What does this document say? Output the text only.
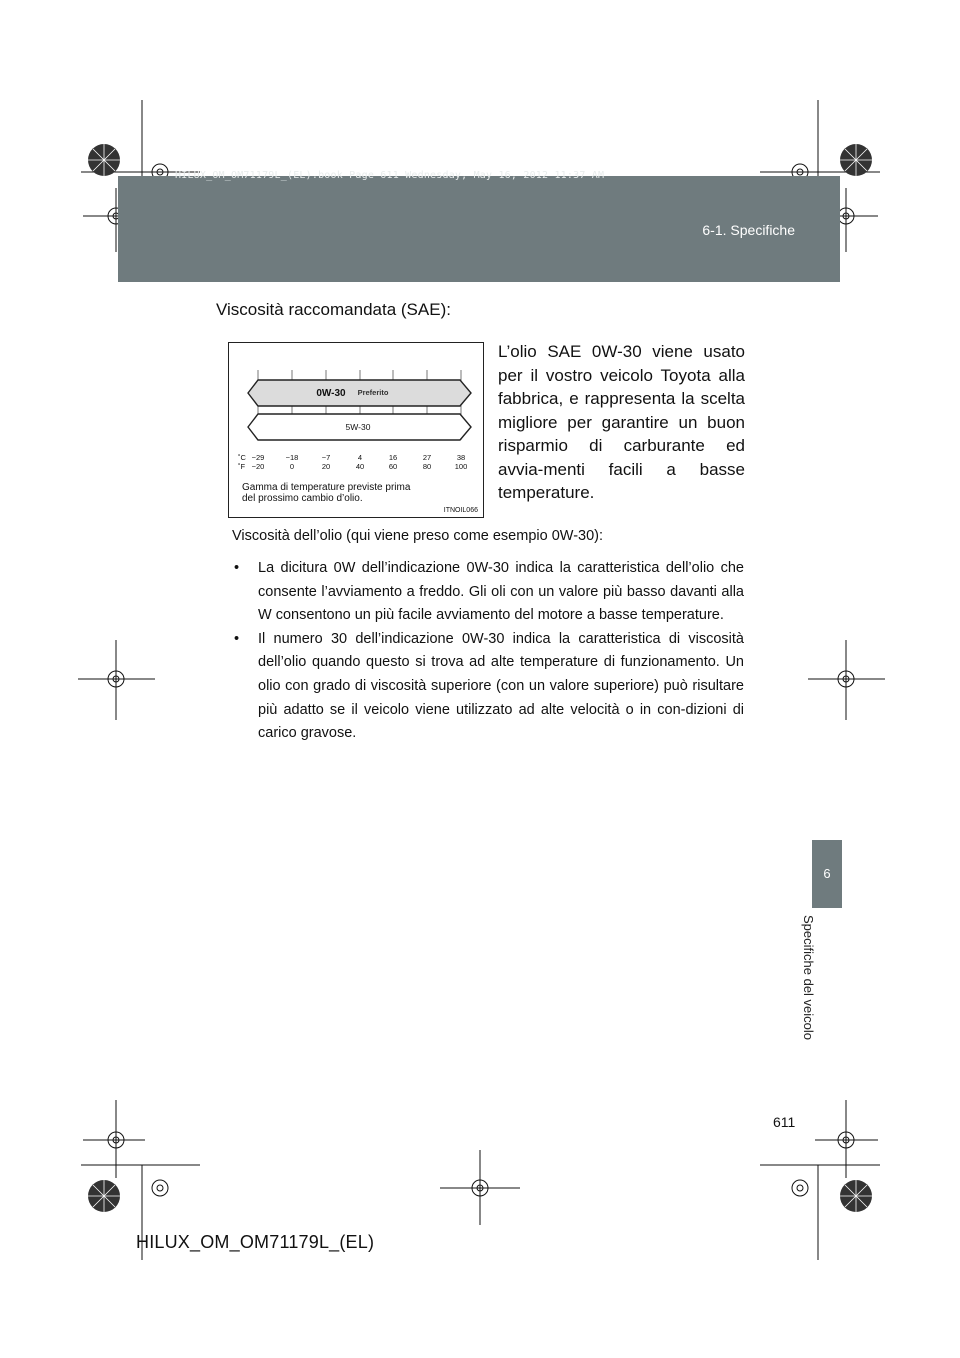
HILUX_OM_OM71179L_(EL).book Page 611 Wednesday, May 16, 2012 11:37 AM
6-1. Specifiche
6
Specifiche del veicolo
Viscosità raccomandata (SAE):
L’olio SAE 0W-30 viene usato per il vostro veicolo Toyota alla fabbrica, e rappresenta la scelta migliore per garantire un buon risparmio di carburante ed avvia-menti facili a basse temperature.
0W-30 Preferito
5W-30
˚C
˚F
−29	−18	−7	4	16	27	38
−20	0	20	40	60	80	100
Gamma di temperature previste prima
del prossimo cambio d’olio.
ITNOIL066
Viscosità dell’olio (qui viene preso come esempio 0W-30):
• La dicitura 0W dell’indicazione 0W-30 indica la caratteristica dell’olio che consente l’avviamento a freddo. Gli oli con un valore più basso davanti alla W consentono un più facile avviamento del motore a basse temperature.
• Il numero 30 dell’indicazione 0W-30 indica la caratteristica di viscosità dell’olio quando questo si trova ad alte temperature di funzionamento. Un olio con grado di viscosità superiore (con un valore superiore) può risultare più adatto se il veicolo viene utilizzato ad alte velocità o in con-dizioni di carico gravose.
611
HILUX_OM_OM71179L_(EL)
